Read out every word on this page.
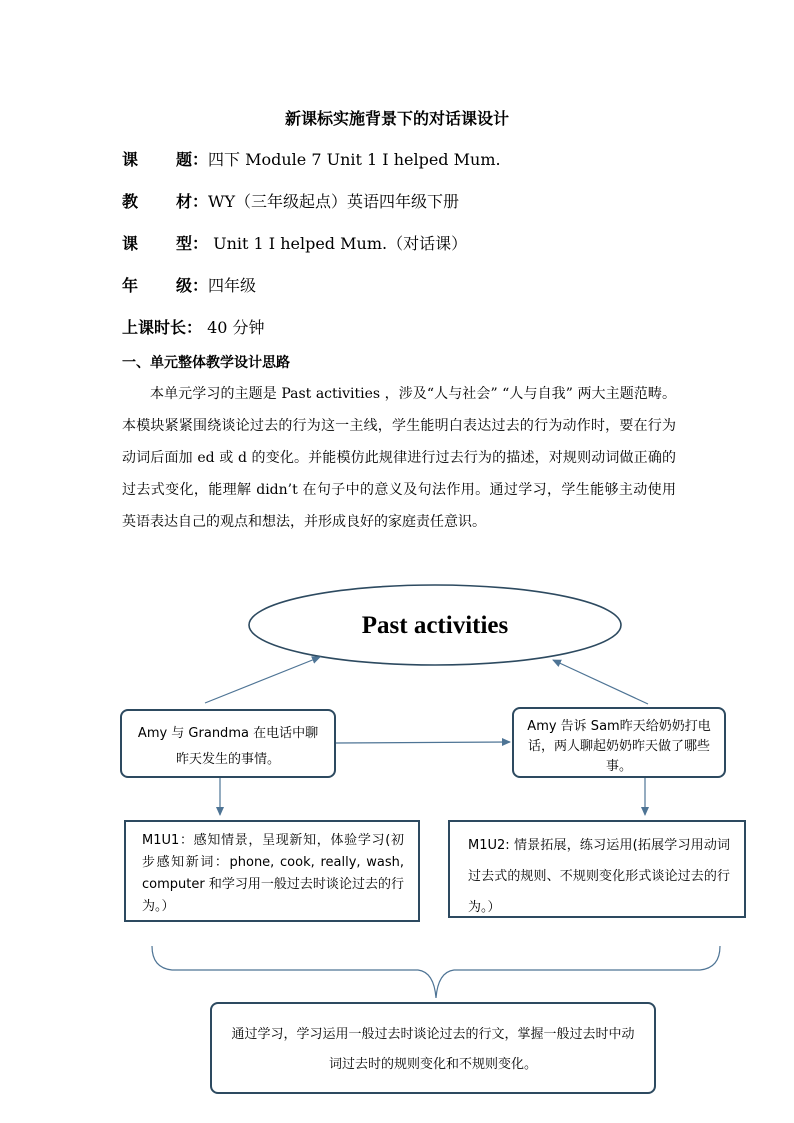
新课标实施背景下的对话课设计
课 题：四下 Module 7 Unit 1 I helped Mum.
教 材：WY（三年级起点）英语四年级下册
课 型： Unit 1 I helped Mum.（对话课）
年 级：四年级
上课时长： 40 分钟
一、单元整体教学设计思路

本单元学习的主题是 Past activities ，涉及“人与社会” “人与自我” 两大主题范畴。本模块紧紧围绕谈论过去的行为这一主线，学生能明白表达过去的行为动作时，要在行为动词后面加 ed 或 d 的变化。并能模仿此规律进行过去行为的描述，对规则动词做正确的过去式变化，能理解 didn’t 在句子中的意义及句法作用。通过学习，学生能够主动使用英语表达自己的观点和想法，并形成良好的家庭责任意识。

Past activities
Amy 与 Grandma 在电话中聊昨天发生的事情。
Amy 告诉 Sam昨天给奶奶打电话，两人聊起奶奶昨天做了哪些事。
M1U1：感知情景，呈现新知，体验学习(初步感知新词：phone, cook, really, wash, computer 和学习用一般过去时谈论过去的行为。）
M1U2: 情景拓展，练习运用(拓展学习用动词过去式的规则、不规则变化形式谈论过去的行为。）
通过学习，学习运用一般过去时谈论过去的行文，掌握一般过去时中动词过去时的规则变化和不规则变化。
